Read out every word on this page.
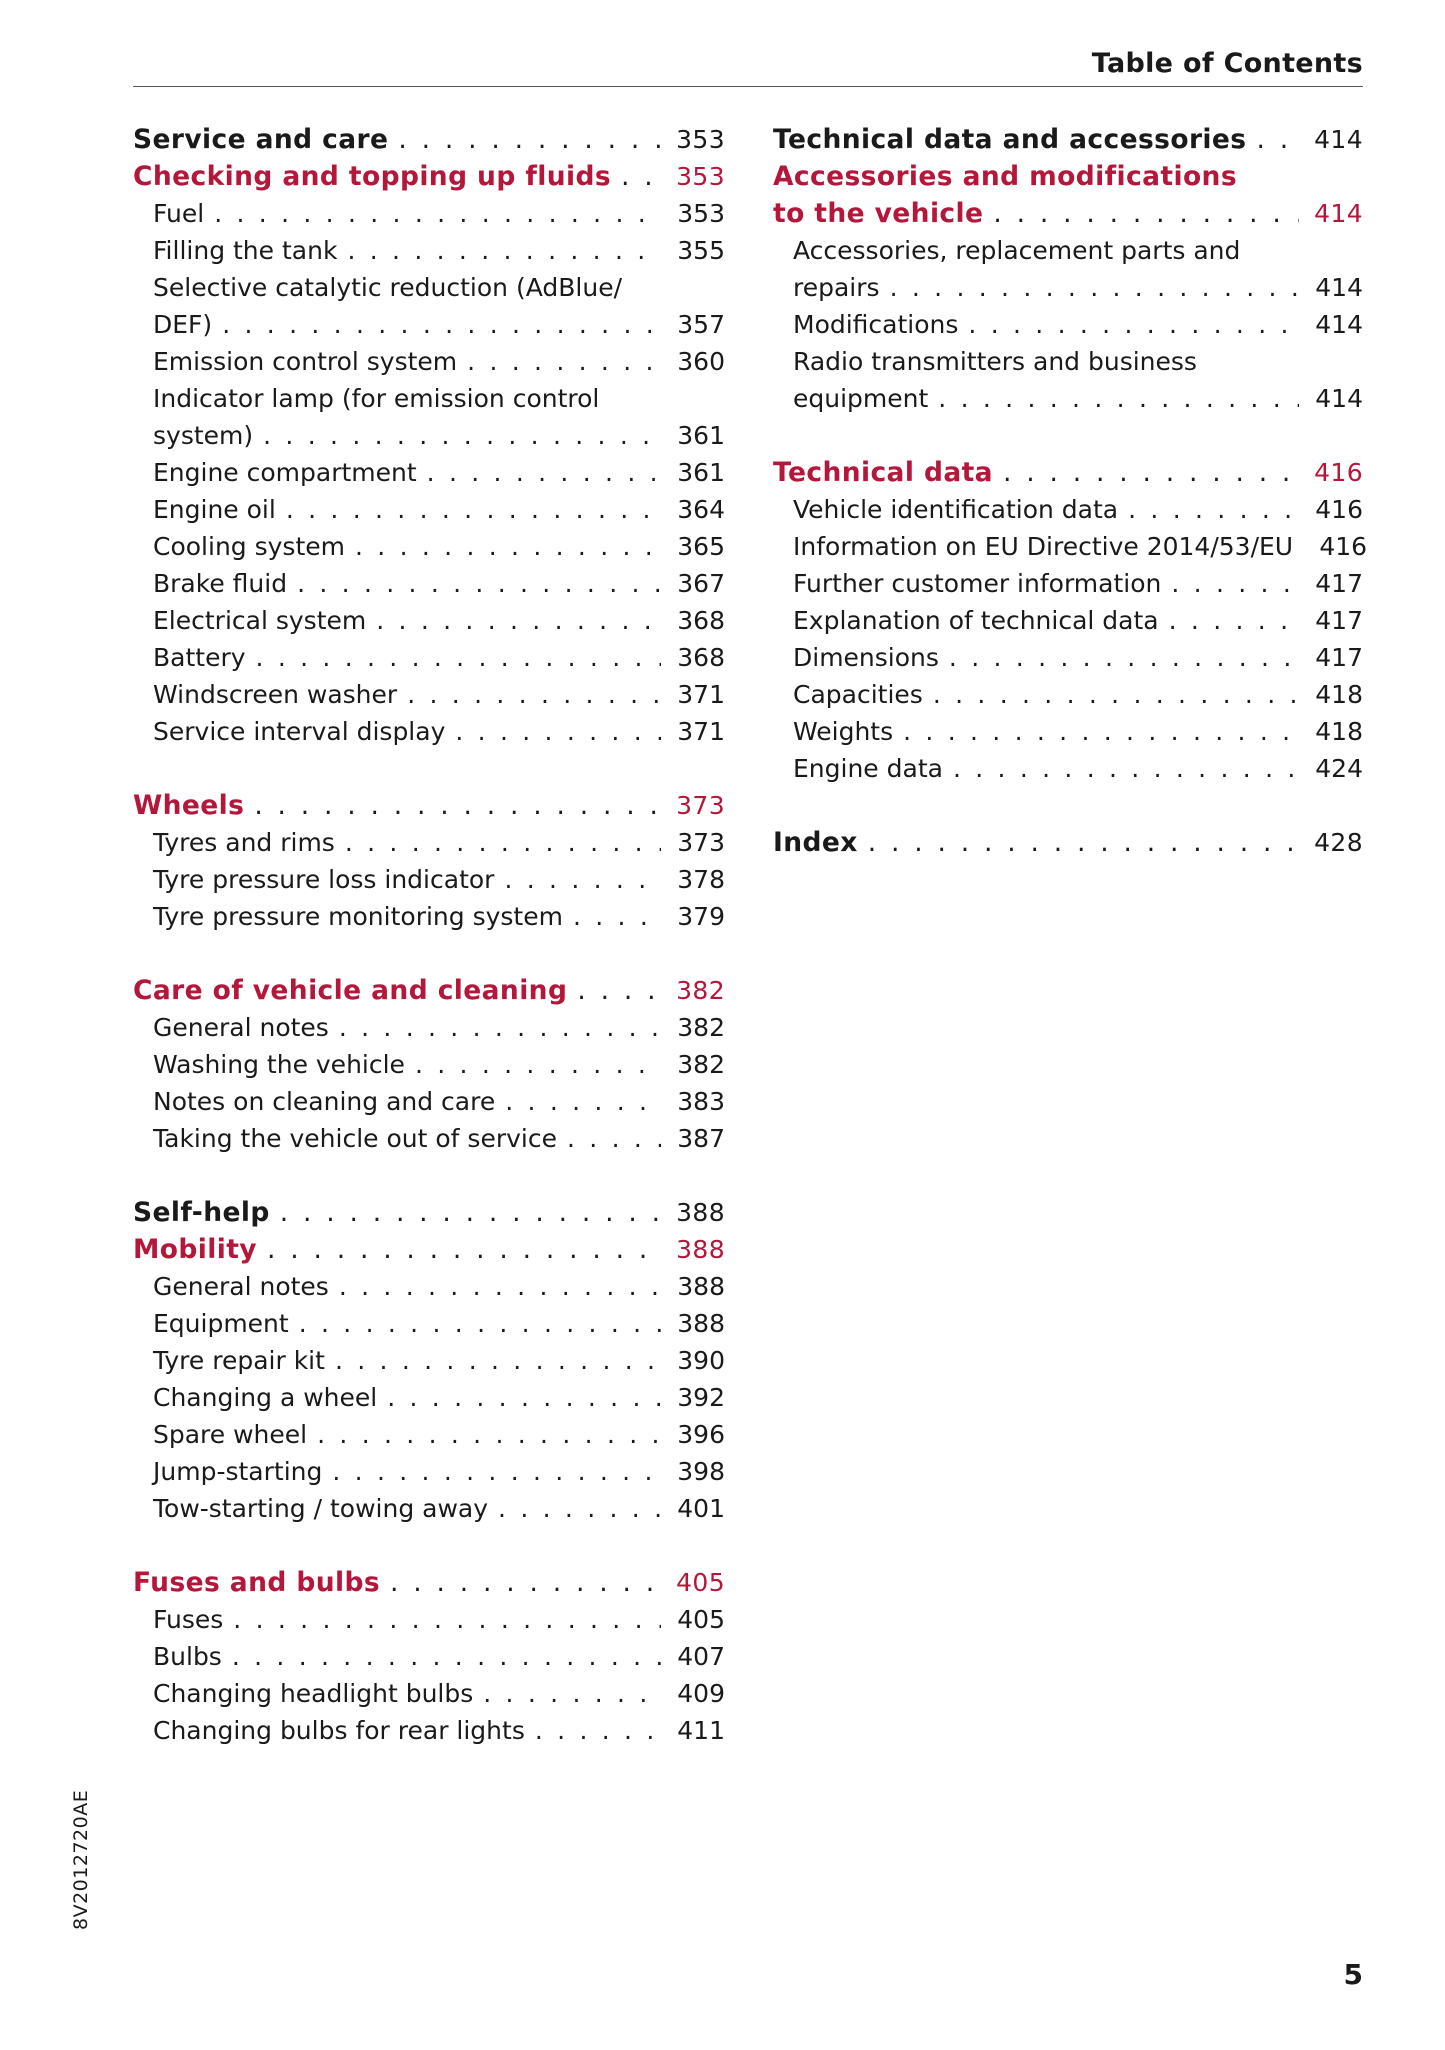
Table of Contents
Service and care . . .	353
Checking and topping up fluids . . .	353
Fuel . . .	353
Filling the tank . . .	355
Selective catalytic reduction (AdBlue/
DEF) . . .	357
Emission control system . . .	360
Indicator lamp (for emission control
system) . . .	361
Engine compartment . . .	361
Engine oil . . .	364
Cooling system . . .	365
Brake fluid . . .	367
Electrical system . . .	368
Battery . . .	368
Windscreen washer . . .	371
Service interval display . . .	371
Wheels . . .	373
Tyres and rims . . .	373
Tyre pressure loss indicator . . .	378
Tyre pressure monitoring system . . .	379
Care of vehicle and cleaning . . .	382
General notes . . .	382
Washing the vehicle . . .	382
Notes on cleaning and care . . .	383
Taking the vehicle out of service . . .	387
Self-help . . .	388
Mobility . . .	388
General notes . . .	388
Equipment . . .	388
Tyre repair kit . . .	390
Changing a wheel . . .	392
Spare wheel . . .	396
Jump-starting . . .	398
Tow-starting / towing away . . .	401
Fuses and bulbs . . .	405
Fuses . . .	405
Bulbs . . .	407
Changing headlight bulbs . . .	409
Changing bulbs for rear lights . . .	411
Technical data and accessories . . .	414
Accessories and modifications
to the vehicle . . .	414
Accessories, replacement parts and
repairs . . .	414
Modifications . . .	414
Radio transmitters and business
equipment . . .	414
Technical data . . .	416
Vehicle identification data . . .	416
Information on EU Directive 2014/53/EU 416
Further customer information . . .	417
Explanation of technical data . . .	417
Dimensions . . .	417
Capacities . . .	418
Weights . . .	418
Engine data . . .	424
Index . . .	428
8V2012720AE
5
